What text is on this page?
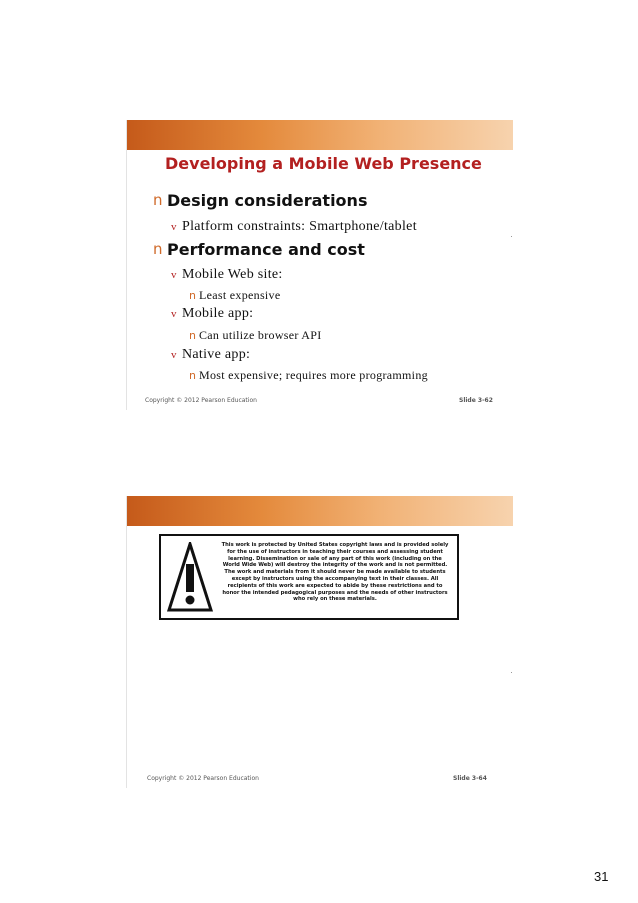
Developing a Mobile Web Presence
n Design considerations
v Platform constraints: Smartphone/tablet
n Performance and cost
v Mobile Web site:
n Least expensive
v Mobile app:
n Can utilize browser API
v Native app:
n Most expensive; requires more programming
Copyright © 2012 Pearson Education	Slide 3-62
This work is protected by United States copyright laws and is provided solely for the use of instructors in teaching their courses and assessing student learning. Dissemination or sale of any part of this work (including on the World Wide Web) will destroy the integrity of the work and is not permitted. The work and materials from it should never be made available to students except by instructors using the accompanying text in their classes. All recipients of this work are expected to abide by these restrictions and to honor the intended pedagogical purposes and the needs of other instructors who rely on these materials.
Copyright © 2012 Pearson Education	Slide 3-64
31
